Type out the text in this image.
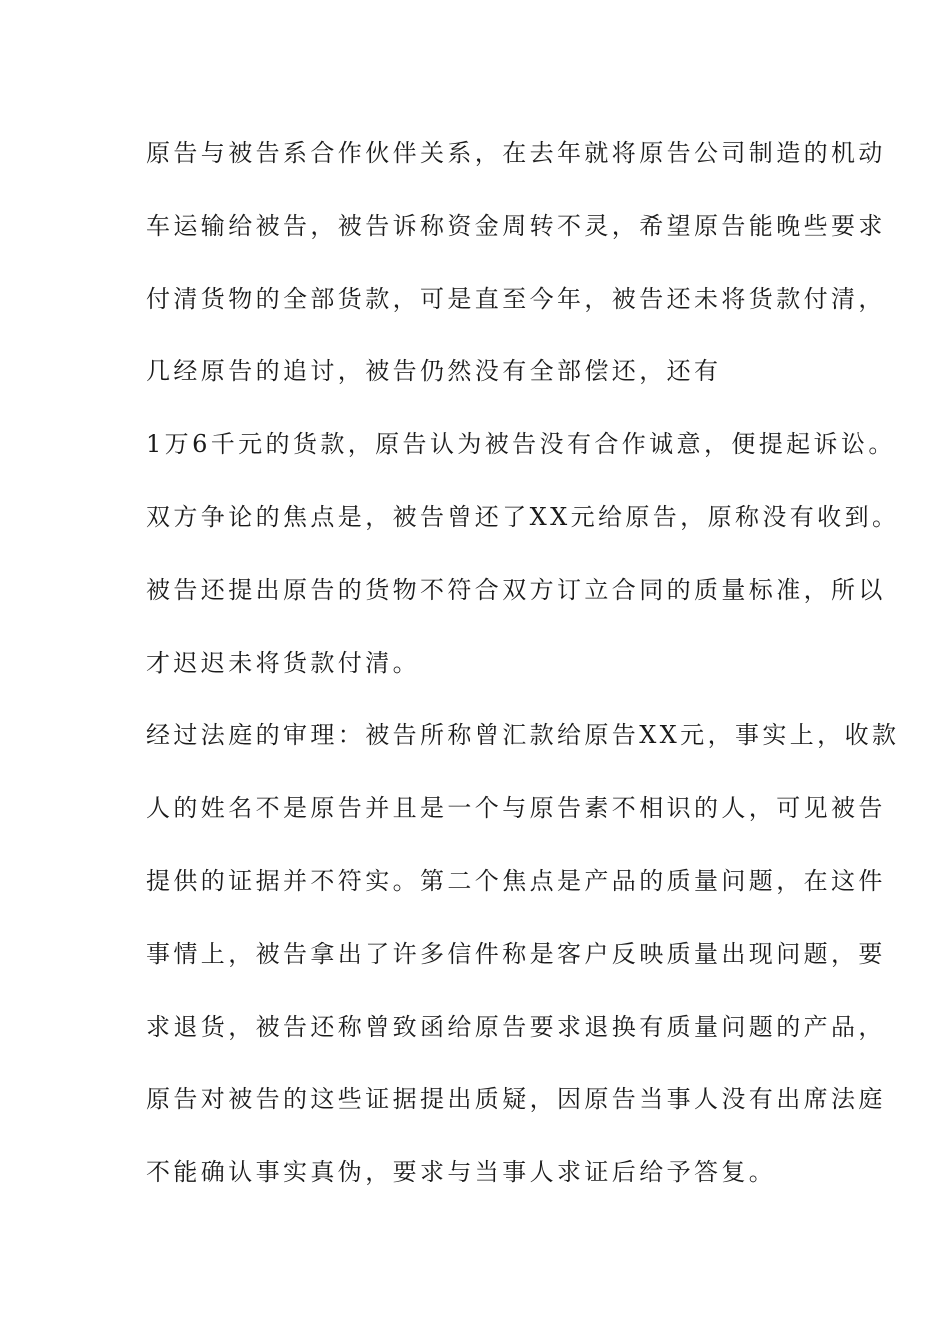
原告与被告系合作伙伴关系，在去年就将原告公司制造的机动
车运输给被告，被告诉称资金周转不灵，希望原告能晚些要求
付清货物的全部货款，可是直至今年，被告还未将货款付清，
几经原告的追讨，被告仍然没有全部偿还，还有
1万6千元的货款，原告认为被告没有合作诚意，便提起诉讼。
双方争论的焦点是，被告曾还了XX元给原告，原称没有收到。
被告还提出原告的货物不符合双方订立合同的质量标准，所以
才迟迟未将货款付清。
经过法庭的审理：被告所称曾汇款给原告XX元，事实上，收款
人的姓名不是原告并且是一个与原告素不相识的人，可见被告
提供的证据并不符实。第二个焦点是产品的质量问题，在这件
事情上，被告拿出了许多信件称是客户反映质量出现问题，要
求退货，被告还称曾致函给原告要求退换有质量问题的产品，
原告对被告的这些证据提出质疑，因原告当事人没有出席法庭
不能确认事实真伪，要求与当事人求证后给予答复。
